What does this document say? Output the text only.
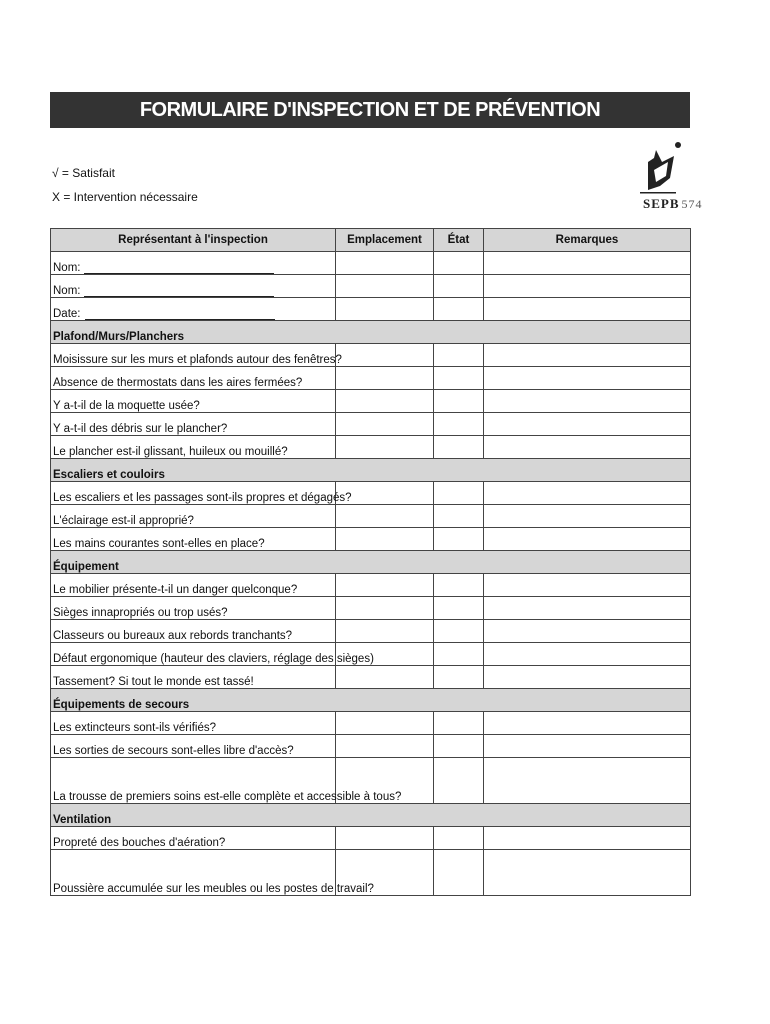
FORMULAIRE D'INSPECTION ET DE PRÉVENTION
√ = Satisfait
X = Intervention nécessaire	SEPB 574
Représentant à l'inspection	Emplacement	État	Remarques
Nom:			
Nom:			
Date:			
Plafond/Murs/Planchers			
Moisissure sur les murs et plafonds autour des fenêtres?			
Absence de thermostats dans les aires fermées?			
Y a-t-il de la moquette usée?			
Y a-t-il des débris sur le plancher?			
Le plancher est-il glissant, huileux ou mouillé?			
Escaliers et couloirs			
Les escaliers et les passages sont-ils propres et dégagés?			
L'éclairage est-il approprié?			
Les mains courantes sont-elles en place?			
Équipement			
Le mobilier présente-t-il un danger quelconque?			
Sièges innapropriés ou trop usés?			
Classeurs ou bureaux aux rebords tranchants?			
Défaut ergonomique (hauteur des claviers, réglage des sièges)			
Tassement? Si tout le monde est tassé!			
Équipements de secours			
Les extincteurs sont-ils vérifiés?			
Les sorties de secours sont-elles libre d'accès?			
La trousse de premiers soins est-elle complète et accessible à tous?			
Ventilation			
Propreté des bouches d'aération?			
Poussière accumulée sur les meubles ou les postes de travail?			
